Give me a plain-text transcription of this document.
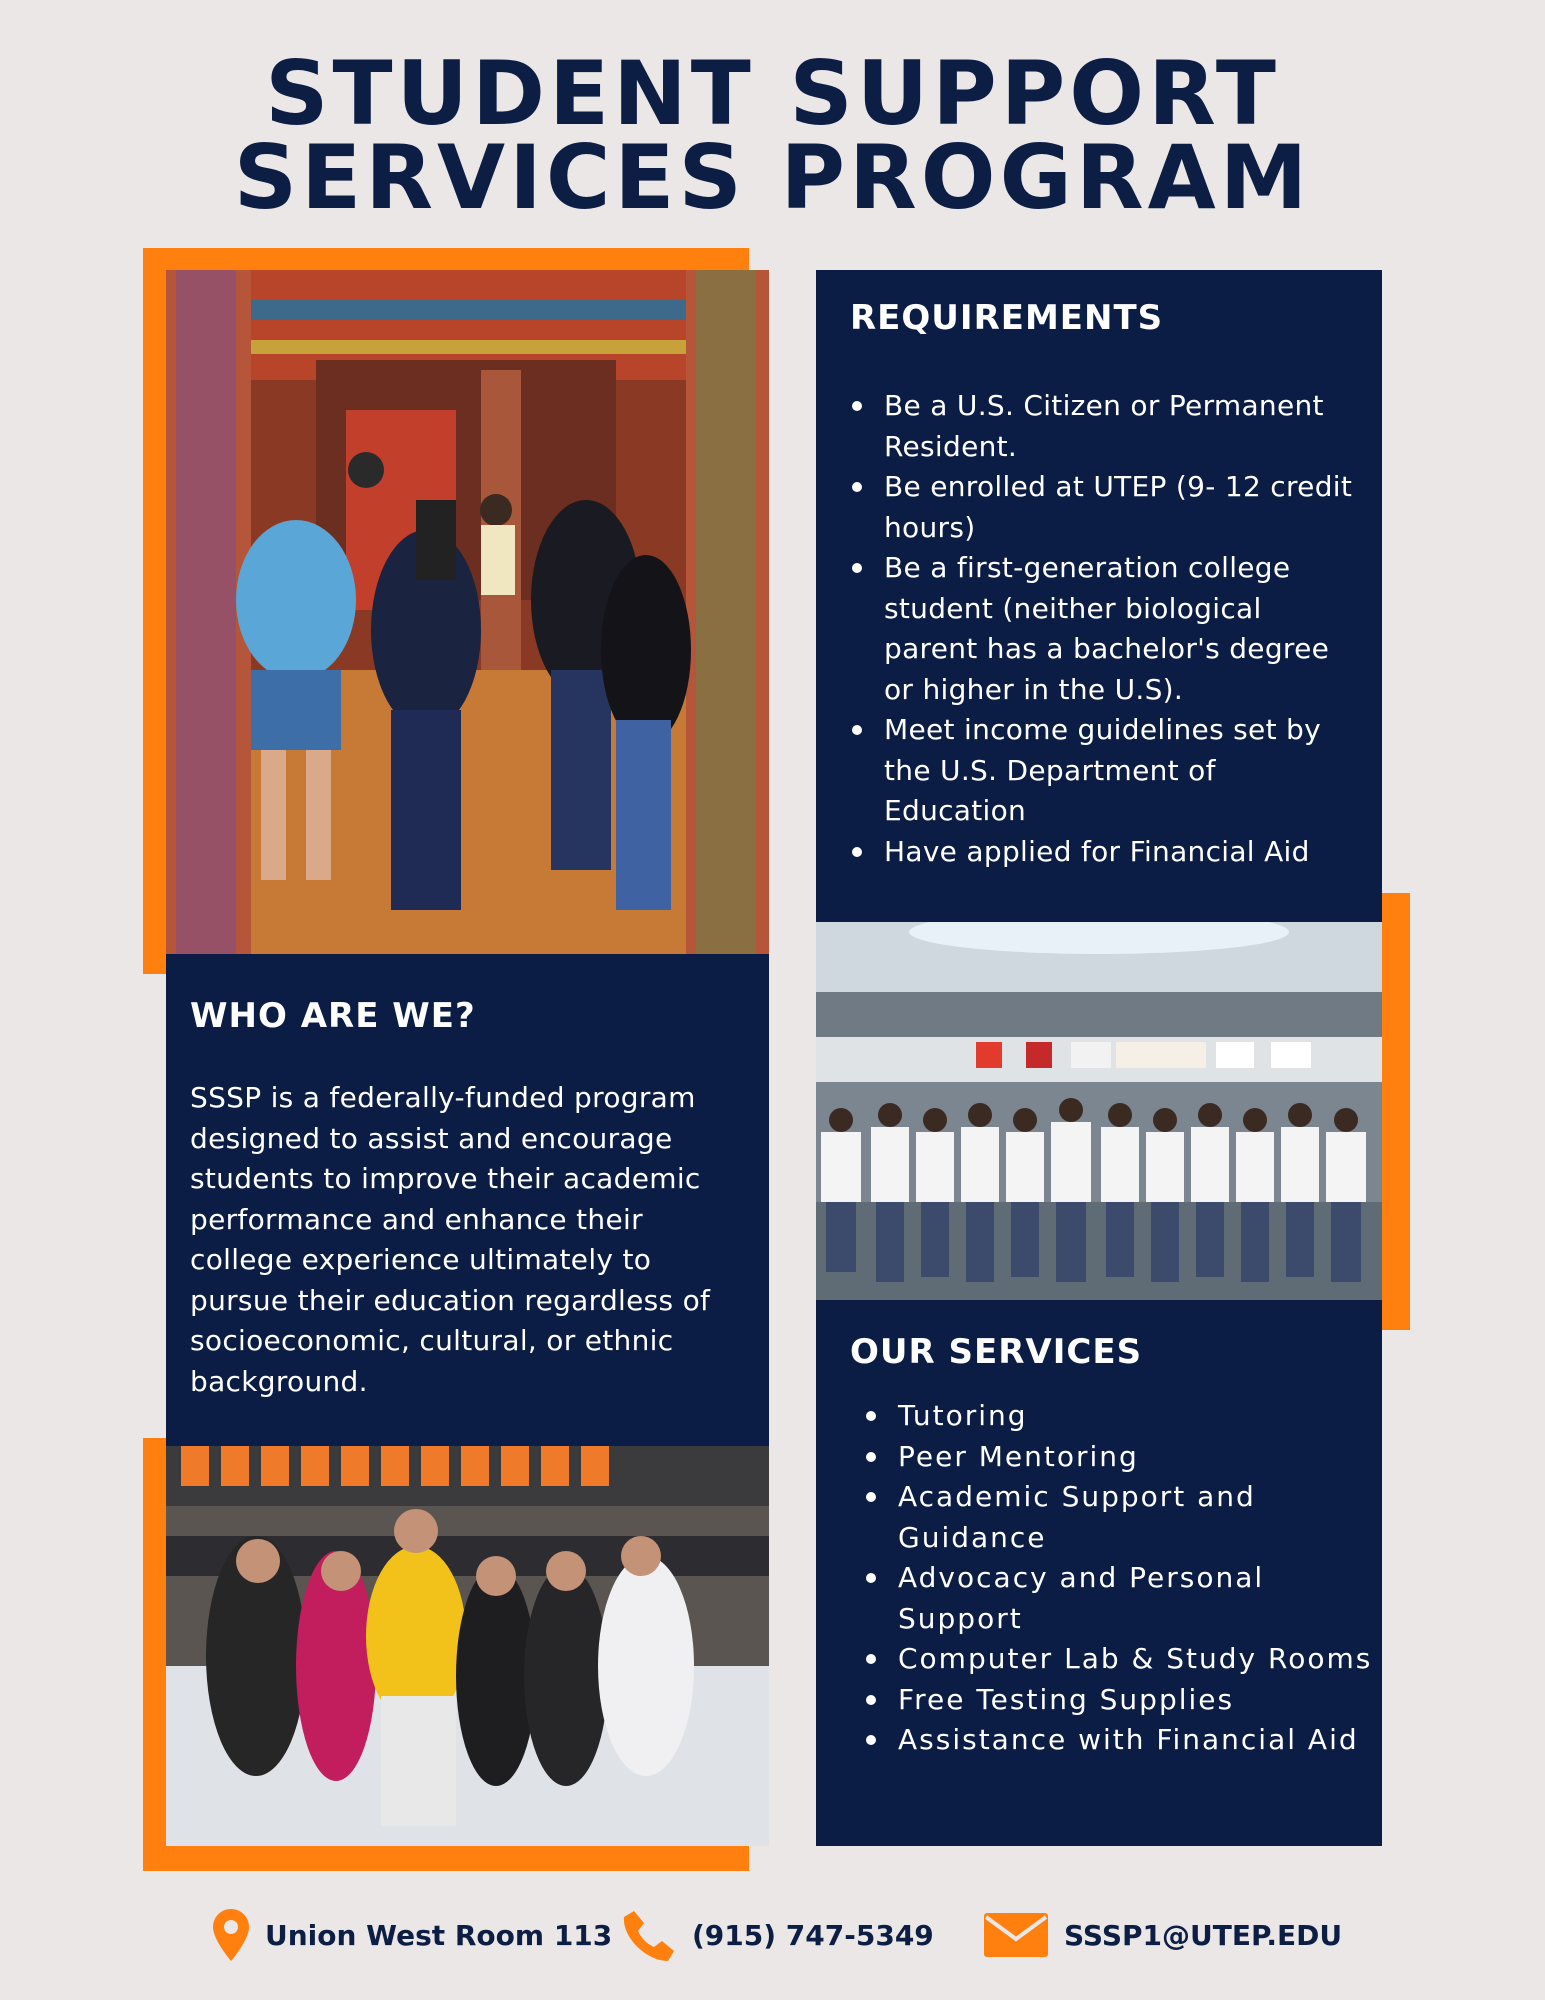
STUDENT SUPPORT
SERVICES PROGRAM
REQUIREMENTS
Be a U.S. Citizen or Permanent Resident.
Be enrolled at UTEP (9- 12 credit hours)
Be a first-generation college student (neither biological parent has a bachelor's degree or higher in the U.S).
Meet income guidelines set by the U.S. Department of Education
Have applied for Financial Aid
WHO ARE WE?

SSSP is a federally-funded program designed to assist and encourage students to improve their academic performance and enhance their college experience ultimately to pursue their education regardless of socioeconomic, cultural, or ethnic background.

OUR SERVICES
Tutoring
Peer Mentoring
Academic Support and Guidance
Advocacy and Personal Support
Computer Lab & Study Rooms
Free Testing Supplies
Assistance with Financial Aid
Union West Room 113	(915) 747-5349	SSSP1@UTEP.EDU
